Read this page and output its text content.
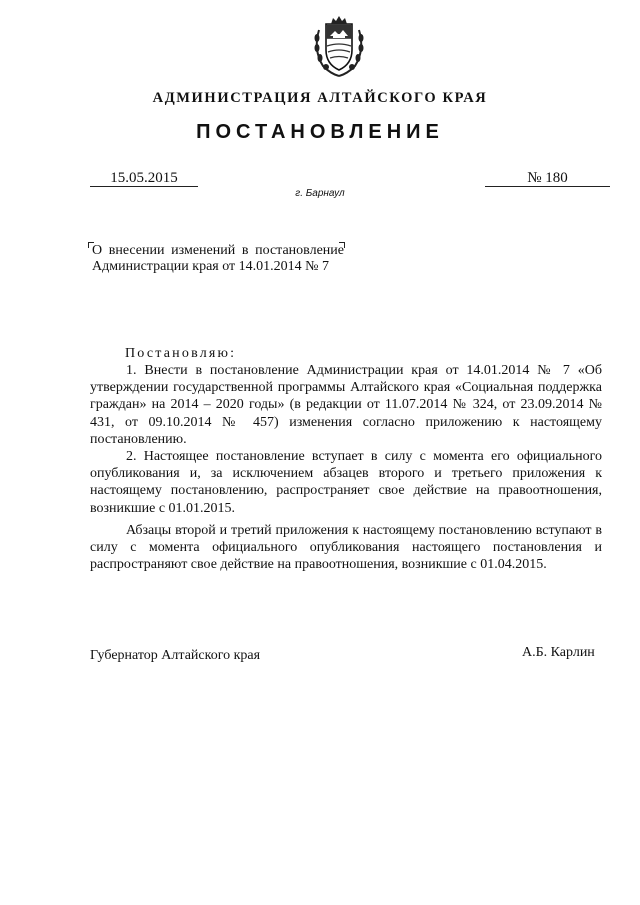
АДМИНИСТРАЦИЯ АЛТАЙСКОГО КРАЯ
ПОСТАНОВЛЕНИЕ
15.05.2015	№ 180
г. Барнаул
О внесении изменений в постановление Администрации края от 14.01.2014 № 7
Постановляю:

1. Внести в постановление Администрации края от 14.01.2014 № 7 «Об утверждении государственной программы Алтайского края «Социальная поддержка граждан» на 2014 – 2020 годы» (в редакции от 11.07.2014 № 324, от 23.09.2014 № 431, от 09.10.2014 № 457) изменения согласно приложению к настоящему постановлению.

2. Настоящее постановление вступает в силу с момента его официального опубликования и, за исключением абзацев второго и третьего приложения к настоящему постановлению, распространяет свое действие на правоотношения, возникшие с 01.01.2015.

Абзацы второй и третий приложения к настоящему постановлению вступают в силу с момента официального опубликования настоящего постановления и распространяют свое действие на правоотношения, возникшие с 01.04.2015.

Губернатор Алтайского края	А.Б. Карлин
